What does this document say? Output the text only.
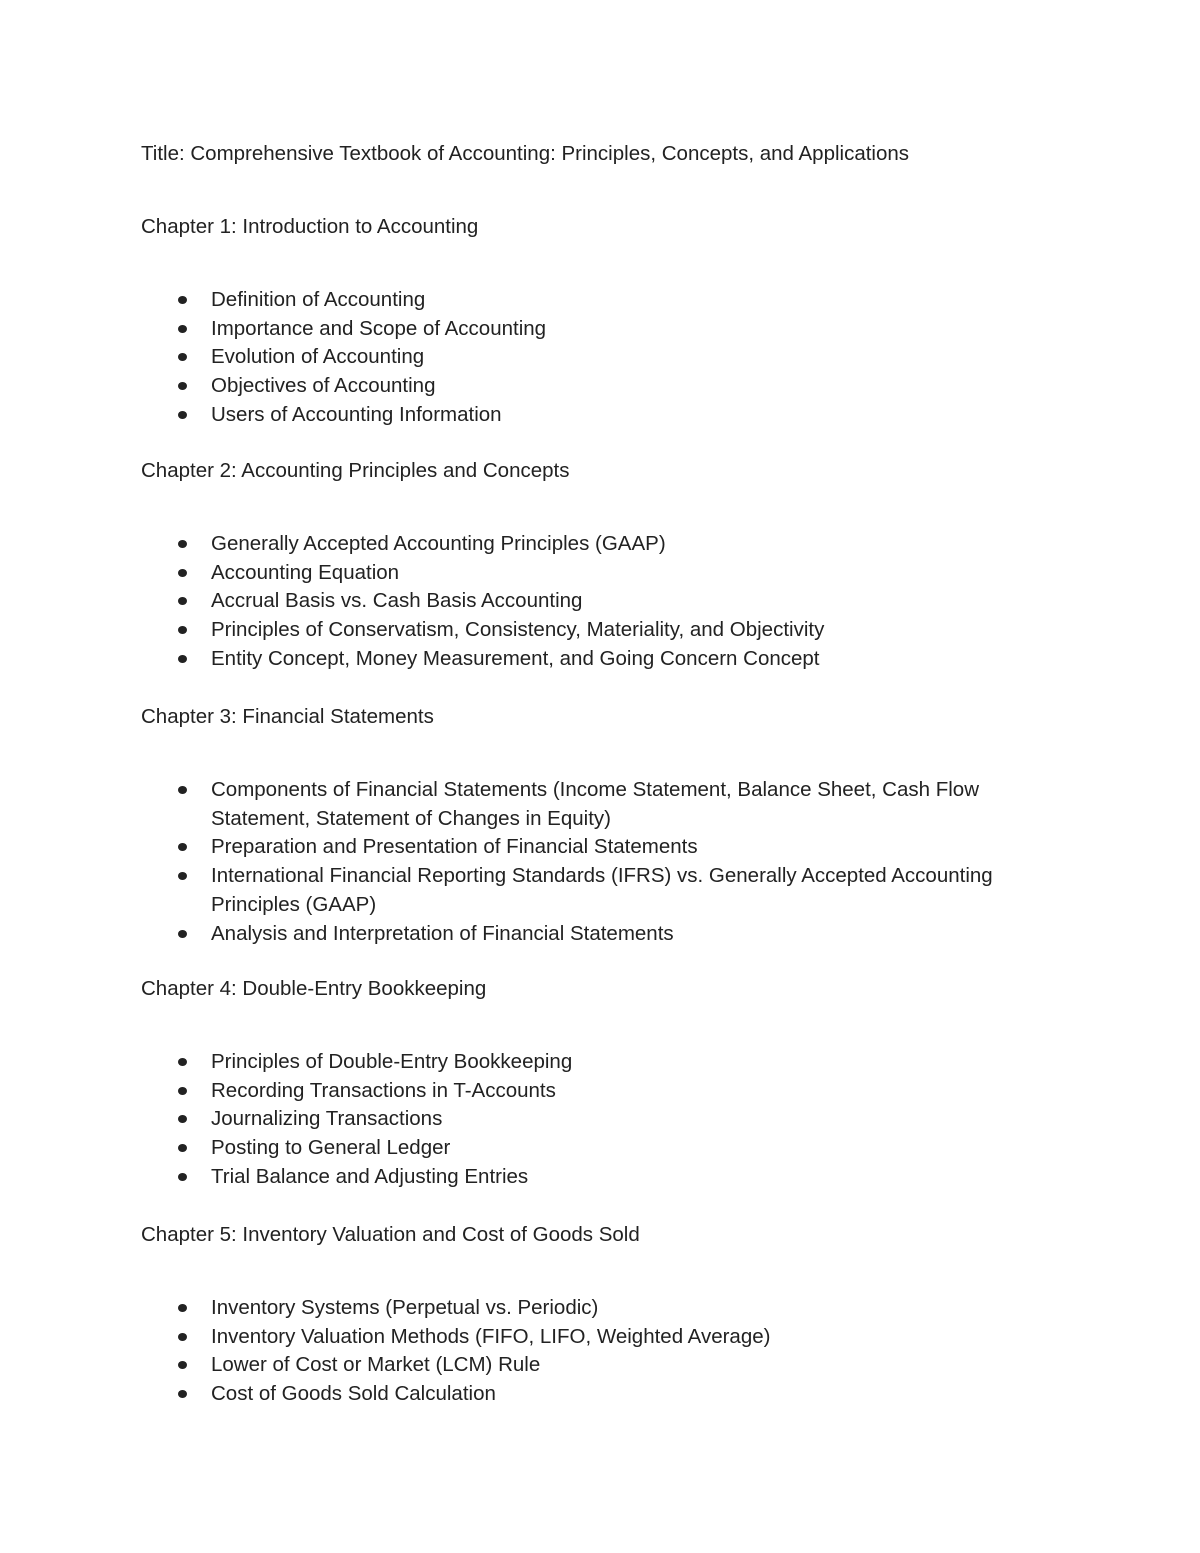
Title: Comprehensive Textbook of Accounting: Principles, Concepts, and Applications
Chapter 1: Introduction to Accounting
Definition of Accounting
Importance and Scope of Accounting
Evolution of Accounting
Objectives of Accounting
Users of Accounting Information
Chapter 2: Accounting Principles and Concepts
Generally Accepted Accounting Principles (GAAP)
Accounting Equation
Accrual Basis vs. Cash Basis Accounting
Principles of Conservatism, Consistency, Materiality, and Objectivity
Entity Concept, Money Measurement, and Going Concern Concept
Chapter 3: Financial Statements
Components of Financial Statements (Income Statement, Balance Sheet, Cash Flow Statement, Statement of Changes in Equity)
Preparation and Presentation of Financial Statements
International Financial Reporting Standards (IFRS) vs. Generally Accepted Accounting Principles (GAAP)
Analysis and Interpretation of Financial Statements
Chapter 4: Double-Entry Bookkeeping
Principles of Double-Entry Bookkeeping
Recording Transactions in T-Accounts
Journalizing Transactions
Posting to General Ledger
Trial Balance and Adjusting Entries
Chapter 5: Inventory Valuation and Cost of Goods Sold
Inventory Systems (Perpetual vs. Periodic)
Inventory Valuation Methods (FIFO, LIFO, Weighted Average)
Lower of Cost or Market (LCM) Rule
Cost of Goods Sold Calculation
